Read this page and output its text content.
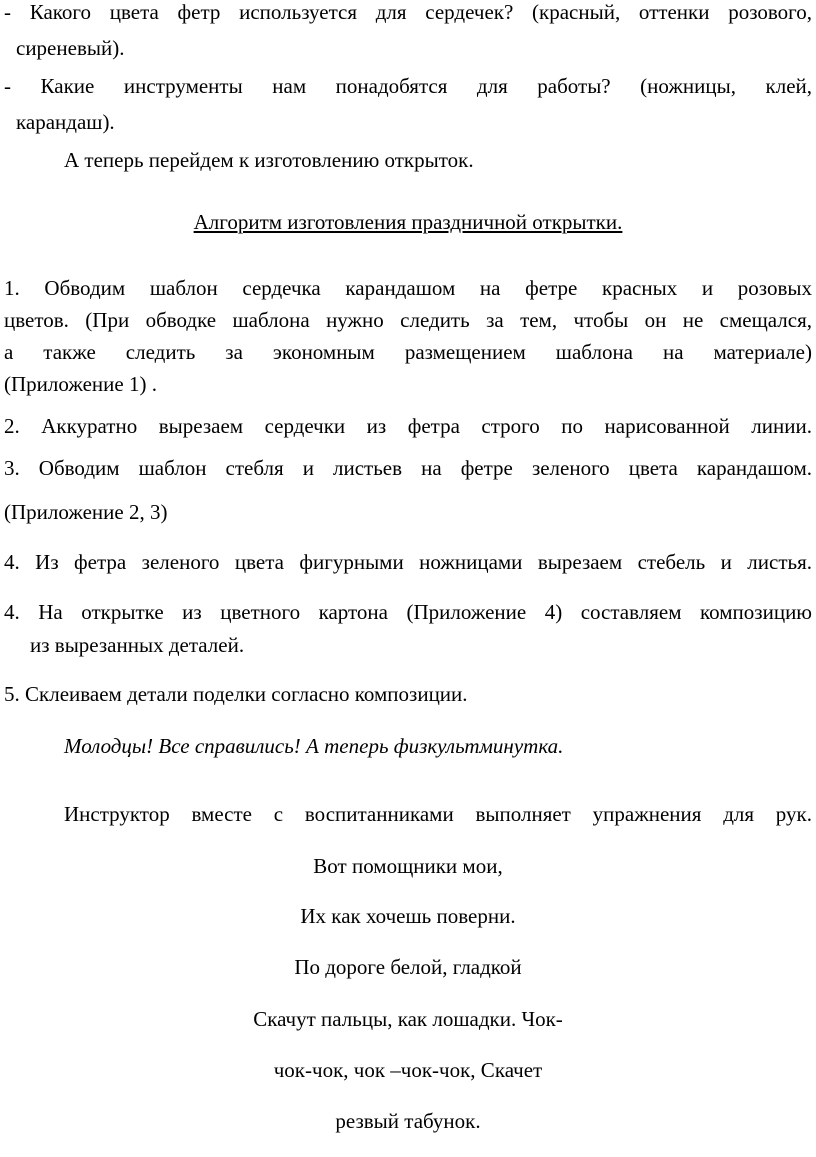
- Какого цвета фетр используется для сердечек? (красный, оттенки розового,
сиреневый).
- Какие инструменты нам понадобятся для работы? (ножницы, клей,
карандаш).
А теперь перейдем к изготовлению открыток.
Алгоритм изготовления праздничной открытки.
1. Обводим шаблон сердечка карандашом на фетре красных и розовых
цветов. (При обводке шаблона нужно следить за тем, чтобы он не смещался,
а также следить за экономным размещением шаблона на материале)
(Приложение 1) .
2. Аккуратно вырезаем сердечки из фетра строго по нарисованной линии.
3. Обводим шаблон стебля и листьев на фетре зеленого цвета карандашом.
(Приложение 2, 3)
4. Из фетра зеленого цвета фигурными ножницами вырезаем стебель и листья.
4. На открытке из цветного картона (Приложение 4) составляем композицию
из вырезанных деталей.
5. Склеиваем детали поделки согласно композиции.
Молодцы! Все справились! А теперь физкультминутка.
Инструктор вместе с воспитанниками выполняет упражнения для рук.
Вот помощники мои,
Их как хочешь поверни.
По дороге белой, гладкой
Скачут пальцы, как лошадки. Чок-
чок-чок, чок –чок-чок, Скачет
резвый табунок.
